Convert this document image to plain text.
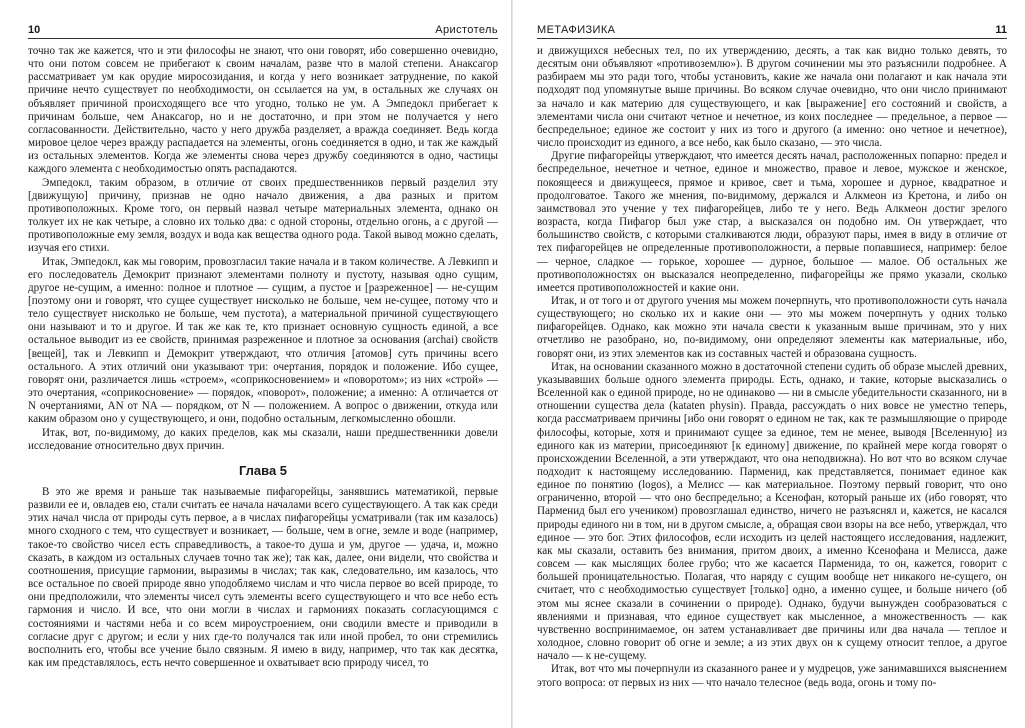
10	Аристотель

точно так же кажется, что и эти философы не знают, что они говорят, ибо совершенно очевидно, что они потом совсем не прибегают к своим началам, разве что в малой степени. Анаксагор рассматривает ум как орудие миросозидания, и когда у него возникает затруднение, по какой причине нечто существует по необходимости, он ссылается на ум, в остальных же случаях он объявляет причиной происходящего все что угодно, только не ум. А Эмпедокл прибегает к причинам больше, чем Анаксагор, но и не достаточно, и при этом не получается у него согласованности. Действительно, часто у него дружба разделяет, а вражда соединяет. Ведь когда мировое целое через вражду распадается на элементы, огонь соединяется в одно, и так же каждый из остальных элементов. Когда же элементы снова через дружбу соединяются в одно, частицы каждого элемента с необходимостью опять распадаются.

Эмпедокл, таким образом, в отличие от своих предшественников первый разделил эту [движущую] причину, признав не одно начало движения, а два разных и притом противоположных. Кроме того, он первый назвал четыре материальных элемента, однако он толкует их не как четыре, а словно их только два: с одной стороны, отдельно огонь, а с другой — противоположные ему земля, воздух и вода как вещества одного рода. Такой вывод можно сделать, изучая его стихи.

Итак, Эмпедокл, как мы говорим, провозгласил такие начала и в таком количестве. А Левкипп и его последователь Демокрит признают элементами полноту и пустоту, называя одно сущим, другое не-сущим, а именно: полное и плотное — сущим, а пустое и [разреженное] — не-сущим [поэтому они и говорят, что сущее существует нисколько не больше, чем не-сущее, потому что и тело существует нисколько не больше, чем пустота), а материальной причиной существующего они называют и то и другое. И так же как те, кто признает основную сущность единой, а все остальное выводит из ее свойств, принимая разреженное и плотное за основания (archai) свойств [вещей], так и Левкипп и Демокрит утверждают, что отличия [атомов] суть причины всего остального. А этих отличий они указывают три: очертания, порядок и положение. Ибо сущее, говорят они, различается лишь «строем», «соприкосновением» и «поворотом»; из них «строй» — это очертания, «соприкосновение» — порядок, «поворот», положение; а именно: А отличается от N очертаниями, AN от NA — порядком, от N — положением. А вопрос о движении, откуда или каким образом оно у существующего, и они, подобно остальным, легкомысленно обошли.

Итак, вот, по-видимому, до каких пределов, как мы сказали, наши предшественники довели исследование относительно двух причин.

Глава 5

В это же время и раньше так называемые пифагорейцы, занявшись математикой, первые развили ее и, овладев ею, стали считать ее начала началами всего существующего. А так как среди этих начал числа от природы суть первое, а в числах пифагорейцы усматривали (так им казалось) много сходного с тем, что существует и возникает, — больше, чем в огне, земле и воде (например, такое-то свойство чисел есть справедливость, а такое-то душа и ум, другое — удача, и, можно сказать, в каждом из остальных случаев точно так же); так как, далее, они видели, что свойства и соотношения, присущие гармонии, выразимы в числах; так как, следовательно, им казалось, что все остальное по своей природе явно уподобляемо числам и что числа первое во всей природе, то они предположили, что элементы чисел суть элементы всего существующего и что все небо есть гармония и число. И все, что они могли в числах и гармониях показать согласующимся с состояниями и частями неба и со всем мироустроением, они сводили вместе и приводили в согласие друг с другом; и если у них где-то получался так или иной пробел, то они стремились восполнить его, чтобы все учение было связным. Я имею в виду, например, что так как десятка, как им представлялось, есть нечто совершенное и охватывает всю природу чисел, то

МЕТАФИЗИКА	11

и движущихся небесных тел, по их утверждению, десять, а так как видно только девять, то десятым они объявляют «противоземлю»). В другом сочинении мы это разъяснили подробнее. А разбираем мы это ради того, чтобы установить, какие же начала они полагают и как начала эти подходят под упомянутые выше причины. Во всяком случае очевидно, что они число принимают за начало и как материю для существующего, и как [выражение] его состояний и свойств, а элементами числа они считают четное и нечетное, из коих последнее — предельное, а первое — беспредельное; единое же состоит у них из того и другого (а именно: оно четное и нечетное), число происходит из единого, а все небо, как было сказано, — это числа.

Другие пифагорейцы утверждают, что имеется десять начал, расположенных попарно: предел и беспредельное, нечетное и четное, единое и множество, правое и левое, мужское и женское, покоящееся и движущееся, прямое и кривое, свет и тьма, хорошее и дурное, квадратное и продолговатое. Такого же мнения, по-видимому, держался и Алкмеон из Кретона, и либо он заимствовал это учение у тех пифагорейцев, либо те у него. Ведь Алкмеон достиг зрелого возраста, когда Пифагор был уже стар, а высказался он подобно им. Он утверждает, что большинство свойств, с которыми сталкиваются люди, образуют пары, имея в виду в отличие от тех пифагорейцев не определенные противоположности, а первые попавшиеся, например: белое — черное, сладкое — горькое, хорошее — дурное, большое — малое. Об остальных же противоположностях он высказался неопределенно, пифагорейцы же прямо указали, сколько имеется противоположностей и какие они.

Итак, и от того и от другого учения мы можем почерпнуть, что противоположности суть начала существующего; но сколько их и какие они — это мы можем почерпнуть у одних только пифагорейцев. Однако, как можно эти начала свести к указанным выше причинам, это у них отчетливо не разобрано, но, по-видимому, они определяют элементы как материальные, ибо, говорят они, из этих элементов как из составных частей и образована сущность.

Итак, на основании сказанного можно в достаточной степени судить об образе мыслей древних, указывавших больше одного элемента природы. Есть, однако, и такие, которые высказались о Вселенной как о единой природе, но не одинаково — ни в смысле убедительности сказанного, ни в отношении существа дела (kataten physin). Правда, рассуждать о них вовсе не уместно теперь, когда рассматриваем причины [ибо они говорят о едином не так, как те размышляющие о природе философы, которые, хотя и принимают сущее за единое, тем не менее, выводя [Вселенную] из единого как из материи, присоединяют [к единому] движение, по крайней мере когда говорят о происхождении Вселенной, а эти утверждают, что она неподвижна). Но вот что во всяком случае подходит к настоящему исследованию. Парменид, как представляется, понимает единое как единое по понятию (logos), а Мелисс — как материальное. Поэтому первый говорит, что оно ограниченно, второй — что оно беспредельно; а Ксенофан, который раньше их (ибо говорят, что Парменид был его учеником) провозглашал единство, ничего не разъяснял и, кажется, не касался природы единого ни в том, ни в другом смысле, а, обращая свои взоры на все небо, утверждал, что единое — это бог. Этих философов, если исходить из целей настоящего исследования, надлежит, как мы сказали, оставить без внимания, притом двоих, а именно Ксенофана и Мелисса, даже совсем — как мыслящих более грубо; что же касается Парменида, то он, кажется, говорит с большей проницательностью. Полагая, что наряду с сущим вообще нет никакого не-сущего, он считает, что с необходимостью существует [только] одно, а именно сущее, и больше ничего (об этом мы яснее сказали в сочинении о природе). Однако, будучи вынужден сообразоваться с явлениями и признавая, что единое существует как мысленное, а множественность — как чувственно воспринимаемое, он затем устанавливает две причины или два начала — теплое и холодное, словно говорит об огне и земле; а из этих двух он к сущему относит теплое, а другое начало — к не-сущему.

Итак, вот что мы почерпнули из сказанного ранее и у мудрецов, уже занимавшихся выяснением этого вопроса: от первых из них — что начало телесное (ведь вода, огонь и тому по-
